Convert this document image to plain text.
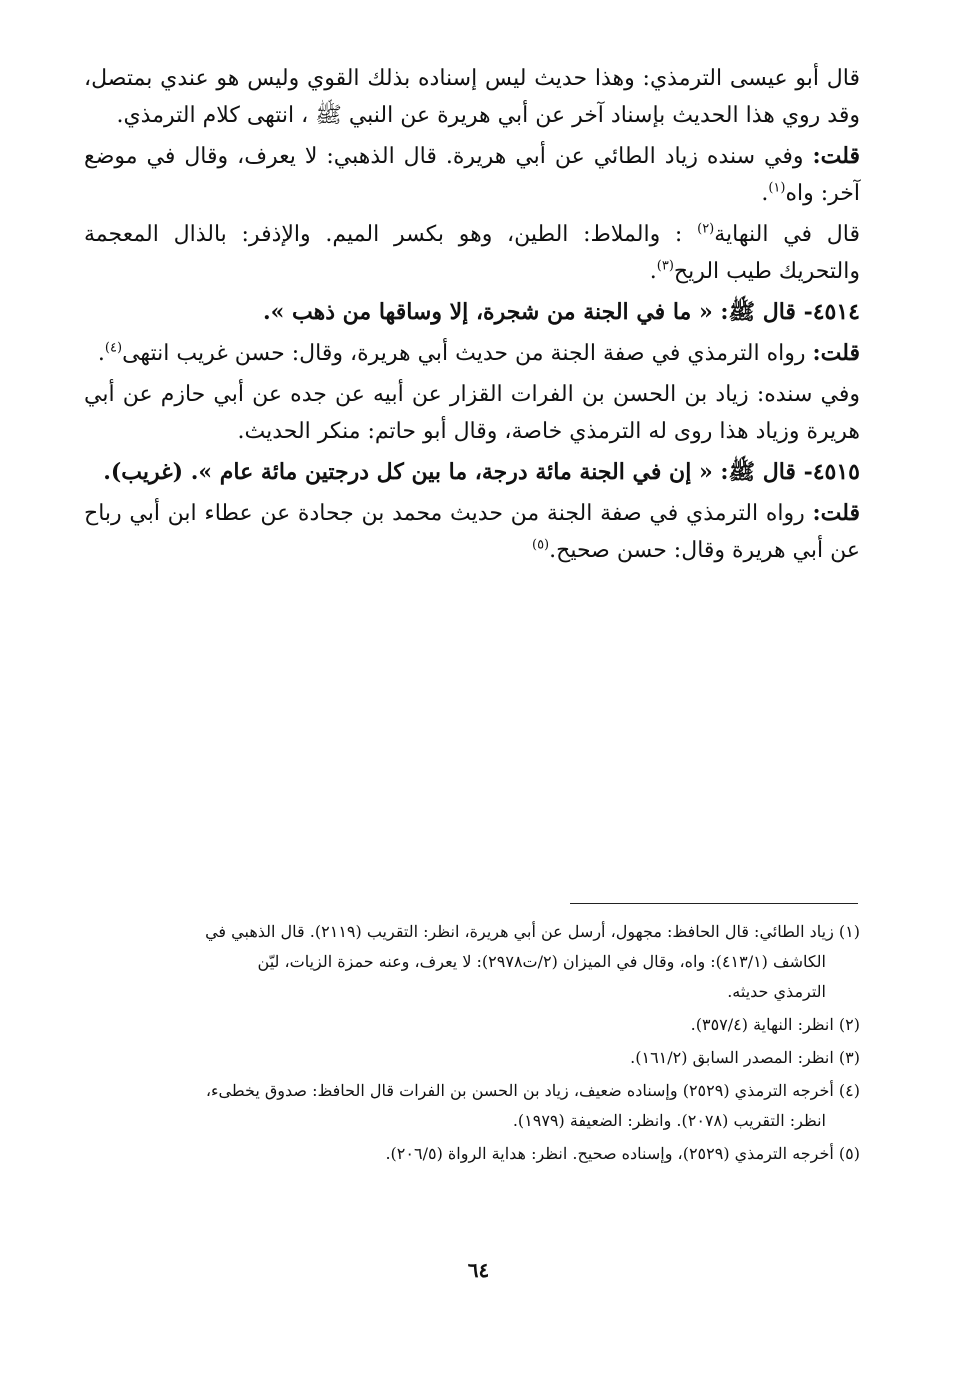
قال أبو عيسى الترمذي: وهذا حديث ليس إسناده بذلك القوي وليس هو عندي بمتصل، وقد روي هذا الحديث بإسناد آخر عن أبي هريرة عن النبي ﷺ ، انتهى كلام الترمذي.

قلت: وفي سنده زياد الطائي عن أبي هريرة. قال الذهبي: لا يعرف، وقال في موضع آخر: واه$^{(١)}$.

قال في النهاية$^{(٢)}$ : والملاط: الطين، وهو بكسر الميم. والإذفر: بالذال المعجمة والتحريك طيب الريح$^{(٣)}$.

٤٥١٤- قال ﷺ: « ما في الجنة من شجرة، إلا وساقها من ذهب ».

قلت: رواه الترمذي في صفة الجنة من حديث أبي هريرة، وقال: حسن غريب انتهى$^{(٤)}$.

وفي سنده: زياد بن الحسن بن الفرات القزار عن أبيه عن جده عن أبي حازم عن أبي هريرة وزياد هذا روى له الترمذي خاصة، وقال أبو حاتم: منكر الحديث.

٤٥١٥- قال ﷺ: « إن في الجنة مائة درجة، ما بين كل درجتين مائة عام ». (غريب).

قلت: رواه الترمذي في صفة الجنة من حديث محمد بن جحادة عن عطاء ابن أبي رباح عن أبي هريرة وقال: حسن صحيح.$^{(٥)}$

(١) زياد الطائي: قال الحافظ: مجهول، أرسل عن أبي هريرة، انظر: التقريب (٢١١٩). قال الذهبي في
الكاشف (٤١٣/١): واه، وقال في الميزان (٢/ت٢٩٧٨): لا يعرف، وعنه حمزة الزيات، ليّن
الترمذي حديثه.

(٢) انظر: النهاية (٣٥٧/٤).

(٣) انظر: المصدر السابق (١٦١/٢).

(٤) أخرجه الترمذي (٢٥٢٩) وإسناده ضعيف، زياد بن الحسن بن الفرات قال الحافظ: صدوق يخطىء،
انظر: التقريب (٢٠٧٨). وانظر: الضعيفة (١٩٧٩).

(٥) أخرجه الترمذي (٢٥٢٩)، وإسناده صحيح. انظر: هداية الرواة (٢٠٦/٥).

٦٤
